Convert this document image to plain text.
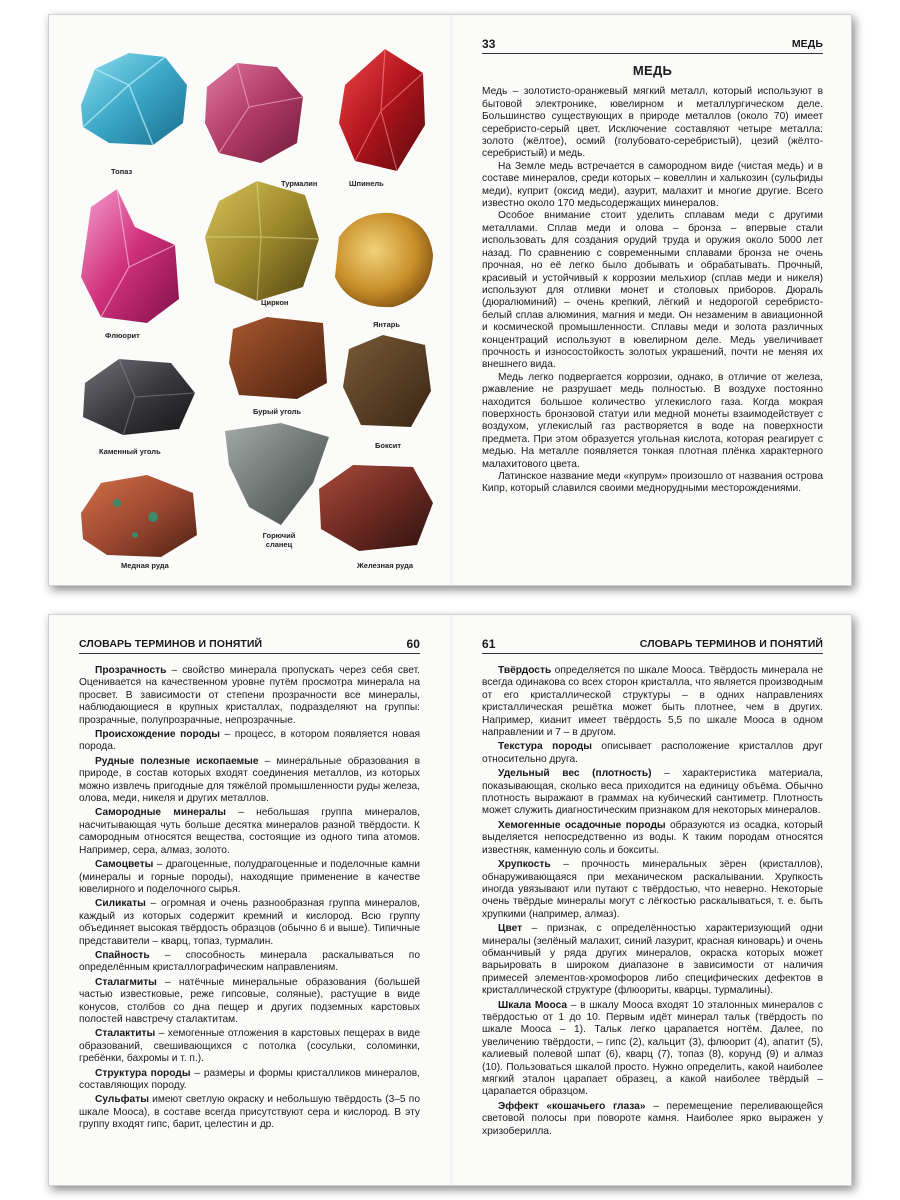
Топаз
Турмалин	Шпинель
Флюорит
Циркон
Янтарь
Бурый уголь
Боксит
Каменный уголь
Горючий сланец
Медная руда	Железная руда
33	МЕДЬ
МЕДЬ

Медь – золотисто-оранжевый мягкий металл, который используют в бытовой электронике, ювелирном и металлургическом деле. Большинство существующих в природе металлов (около 70) имеет серебристо-серый цвет. Исключение составляют четыре металла: золото (жёлтое), осмий (голубовато-серебристый), цезий (жёлто-серебристый) и медь.

На Земле медь встречается в самородном виде (чистая медь) и в составе минералов, среди которых – ковеллин и халькозин (сульфиды меди), куприт (оксид меди), азурит, малахит и многие другие. Всего известно около 170 медьсодержащих минералов.

Особое внимание стоит уделить сплавам меди с другими металлами. Сплав меди и олова – бронза – впервые стали использовать для создания орудий труда и оружия около 5000 лет назад. По сравнению с современными сплавами бронза не очень прочная, но её легко было добывать и обрабатывать. Прочный, красивый и устойчивый к коррозии мельхиор (сплав меди и никеля) используют для отливки монет и столовых приборов. Дюраль (дюралюминий) – очень крепкий, лёгкий и недорогой серебристо-белый сплав алюминия, магния и меди. Он незаменим в авиационной и космической промышленности. Сплавы меди и золота различных концентраций используют в ювелирном деле. Медь увеличивает прочность и износостойкость золотых украшений, почти не меняя их внешнего вида.

Медь легко подвергается коррозии, однако, в отличие от железа, ржавление не разрушает медь полностью. В воздухе постоянно находится большое количество углекислого газа. Когда мокрая поверхность бронзовой статуи или медной монеты взаимодействует с воздухом, углекислый газ растворяется в воде на поверхности предмета. При этом образуется угольная кислота, которая реагирует с медью. На металле появляется тонкая плотная плёнка характерного малахитового цвета.

Латинское название меди «купрум» произошло от названия острова Кипр, который славился своими медн​орудными месторождениями.

СЛОВАРЬ ТЕРМИНОВ И ПОНЯТИЙ	60

Прозрачность – свойство минерала пропускать через себя свет. Оценивается на качественном уровне путём просмотра минерала на просвет. В зависимости от степени прозрачности все минералы, наблюдающиеся в крупных кристаллах, подразделяют на группы: прозрачные, полупрозрачные, непрозрачные.

Происхождение породы – процесс, в котором появляется новая порода.

Рудные полезные ископаемые – минеральные образования в природе, в состав которых входят соединения металлов, из которых можно извлечь пригодные для тяжёлой промышленности руды железа, олова, меди, никеля и других металлов.

Самородные минералы – небольшая группа минералов, насчитывающая чуть больше десятка минералов разной твёрдости. К самородным относятся вещества, состоящие из одного типа атомов. Например, сера, алмаз, золото.

Самоцветы – драгоценные, полудрагоценные и поделочные камни (минералы и горные породы), находящие применение в качестве ювелирного и поделочного сырья.

Силикаты – огромная и очень разнообразная группа минералов, каждый из которых содержит кремний и кислород. Всю группу объединяет высокая твёрдость образцов (обычно 6 и выше). Типичные представители – кварц, топаз, турмалин.

Спайность – способность минерала раскалываться по определённым кристаллографическим направлениям.

Сталагмиты – натёчные минеральные образования (большей частью известковые, реже гипсовые, соляные), растущие в виде конусов, столбов со дна пещер и других подземных карстовых полостей навстречу сталактитам.

Сталактиты – хемогенные отложения в карстовых пещерах в виде образований, свешивающихся с потолка (сосульки, соломинки, гребёнки, бахромы и т. п.).

Структура породы – размеры и формы кристалликов минералов, составляющих породу.

Сульфаты имеют светлую окраску и небольшую твёрдость (3–5 по шкале Мооса), в составе всегда присутствуют сера и кислород. В эту группу входят гипс, барит, целестин и др.

61	СЛОВАРЬ ТЕРМИНОВ И ПОНЯТИЙ

Твёрдость определяется по шкале Мооса. Твёрдость минерала не всегда одинакова со всех сторон кристалла, что является производным от его кристаллической структуры – в одних направлениях кристаллическая решётка может быть плотнее, чем в других. Например, кианит имеет твёрдость 5,5 по шкале Мооса в одном направлении и 7 – в другом.

Текстура породы описывает расположение кристаллов друг относительно друга.

Удельный вес (плотность) – характеристика материала, показывающая, сколько веса приходится на единицу объёма. Обычно плотность выражают в граммах на кубический сантиметр. Плотность может служить диагностическим признаком для некоторых минералов.

Хемогенные осадочные породы образуются из осадка, который выделяется непосредственно из воды. К таким породам относятся известняк, каменную соль и бокситы.

Хрупкость – прочность минеральных зёрен (кристаллов), обнаруживающаяся при механическом раскалывании. Хрупкость иногда увязывают или путают с твёрдостью, что неверно. Некоторые очень твёрдые минералы могут с лёгкостью раскалываться, т. е. быть хрупкими (например, алмаз).

Цвет – признак, с определённостью характеризующий одни минералы (зелёный малахит, синий лазурит, красная киноварь) и очень обманчивый у ряда других минералов, окраска которых может варьировать в широком диапазоне в зависимости от наличия примесей элементов-хромофоров либо специфических дефектов в кристаллической структуре (флюориты, кварцы, турмалины).

Шкала Мооса – в шкалу Мооса входят 10 эталонных минералов с твёрдостью от 1 до 10. Первым идёт минерал тальк (твёрдость по шкале Мооса – 1). Тальк легко царапается ногтём. Далее, по увеличению твёрдости, – гипс (2), кальцит (3), флюорит (4), апатит (5), калиевый полевой шпат (6), кварц (7), топаз (8), корунд (9) и алмаз (10). Пользоваться шкалой просто. Нужно определить, какой наиболее мягкий эталон царапает образец, а какой наиболее твёрдый – царапается образцом.

Эффект «кошачьего глаза» – перемещение переливающейся световой полосы при повороте камня. Наиболее ярко выражен у хризобери​лла.
